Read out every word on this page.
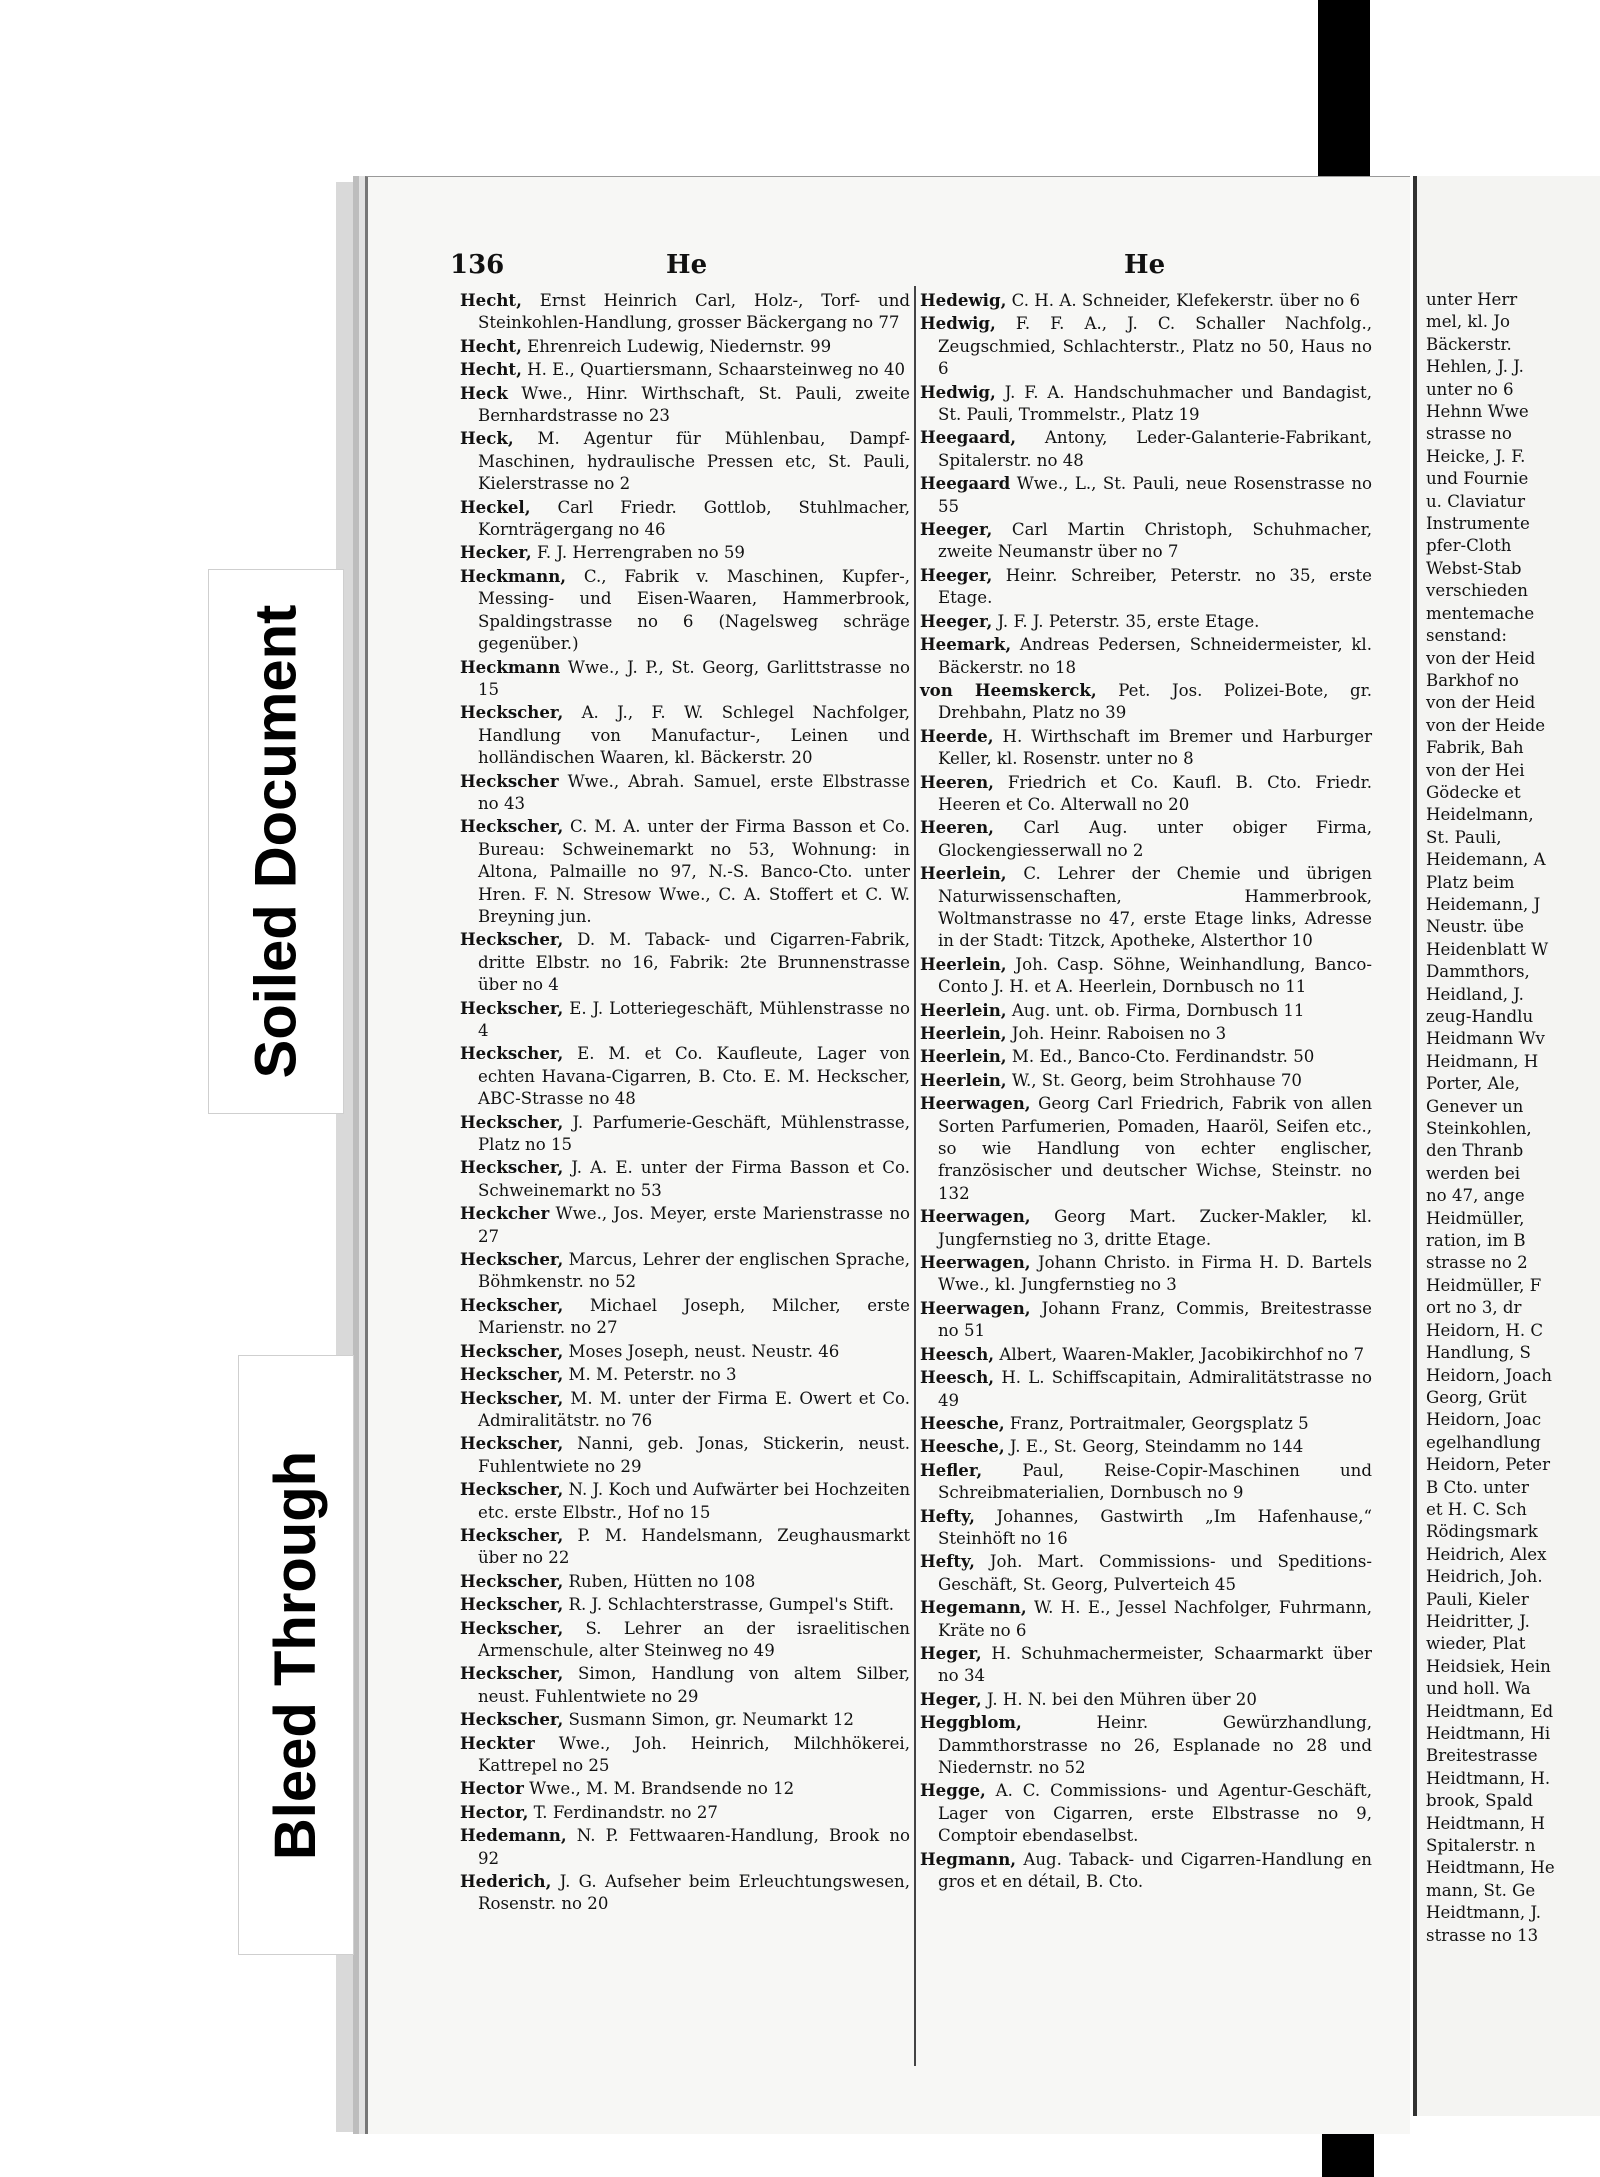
136	He	He
Hecht, Ernst Heinrich Carl, Holz-, Torf- und Steinkohlen-Handlung, grosser Bäckergang no 77
Hecht, Ehrenreich Ludewig, Niedernstr. 99
Hecht, H. E., Quartiersmann, Schaarsteinweg no 40
Heck Wwe., Hinr. Wirthschaft, St. Pauli, zweite Bernhardstrasse no 23
Heck, M. Agentur für Mühlenbau, Dampf-Maschinen, hydraulische Pressen etc, St. Pauli, Kielerstrasse no 2
Heckel, Carl Friedr. Gottlob, Stuhlmacher, Kornträgergang no 46
Hecker, F. J. Herrengraben no 59
Heckmann, C., Fabrik v. Maschinen, Kupfer-, Messing- und Eisen-Waaren, Hammerbrook, Spaldingstrasse no 6 (Nagelsweg schräge gegenüber.)
Heckmann Wwe., J. P., St. Georg, Garlittstrasse no 15
Heckscher, A. J., F. W. Schlegel Nachfolger, Handlung von Manufactur-, Leinen und holländischen Waaren, kl. Bäckerstr. 20
Heckscher Wwe., Abrah. Samuel, erste Elbstrasse no 43
Heckscher, C. M. A. unter der Firma Basson et Co. Bureau: Schweinemarkt no 53, Wohnung: in Altona, Palmaille no 97, N.-S. Banco-Cto. unter Hren. F. N. Stresow Wwe., C. A. Stoffert et C. W. Breyning jun.
Heckscher, D. M. Taback- und Cigarren-Fabrik, dritte Elbstr. no 16, Fabrik: 2te Brunnenstrasse über no 4
Heckscher, E. J. Lotteriegeschäft, Mühlenstrasse no 4
Heckscher, E. M. et Co. Kaufleute, Lager von echten Havana-Cigarren, B. Cto. E. M. Heckscher, ABC-Strasse no 48
Heckscher, J. Parfumerie-Geschäft, Mühlenstrasse, Platz no 15
Heckscher, J. A. E. unter der Firma Basson et Co. Schweinemarkt no 53
Heckcher Wwe., Jos. Meyer, erste Marienstrasse no 27
Heckscher, Marcus, Lehrer der englischen Sprache, Böhmkenstr. no 52
Heckscher, Michael Joseph, Milcher, erste Marienstr. no 27
Heckscher, Moses Joseph, neust. Neustr. 46
Heckscher, M. M. Peterstr. no 3
Heckscher, M. M. unter der Firma E. Owert et Co. Admiralitätstr. no 76
Heckscher, Nanni, geb. Jonas, Stickerin, neust. Fuhlentwiete no 29
Heckscher, N. J. Koch und Aufwärter bei Hochzeiten etc. erste Elbstr., Hof no 15
Heckscher, P. M. Handelsmann, Zeughausmarkt über no 22
Heckscher, Ruben, Hütten no 108
Heckscher, R. J. Schlachterstrasse, Gumpel's Stift.
Heckscher, S. Lehrer an der israelitischen Armenschule, alter Steinweg no 49
Heckscher, Simon, Handlung von altem Silber, neust. Fuhlentwiete no 29
Heckscher, Susmann Simon, gr. Neumarkt 12
Heckter Wwe., Joh. Heinrich, Milchhökerei, Kattrepel no 25
Hector Wwe., M. M. Brandsende no 12
Hector, T. Ferdinandstr. no 27
Hedemann, N. P. Fettwaaren-Handlung, Brook no 92
Hederich, J. G. Aufseher beim Erleuchtungswesen, Rosenstr. no 20
Hedewig, C. H. A. Schneider, Klefekerstr. über no 6
Hedwig, F. F. A., J. C. Schaller Nachfolg., Zeugschmied, Schlachterstr., Platz no 50, Haus no 6
Hedwig, J. F. A. Handschuhmacher und Bandagist, St. Pauli, Trommelstr., Platz 19
Heegaard, Antony, Leder-Galanterie-Fabrikant, Spitalerstr. no 48
Heegaard Wwe., L., St. Pauli, neue Rosenstrasse no 55
Heeger, Carl Martin Christoph, Schuhmacher, zweite Neumanstr über no 7
Heeger, Heinr. Schreiber, Peterstr. no 35, erste Etage.
Heeger, J. F. J. Peterstr. 35, erste Etage.
Heemark, Andreas Pedersen, Schneidermeister, kl. Bäckerstr. no 18
von Heemskerck, Pet. Jos. Polizei-Bote, gr. Drehbahn, Platz no 39
Heerde, H. Wirthschaft im Bremer und Harburger Keller, kl. Rosenstr. unter no 8
Heeren, Friedrich et Co. Kaufl. B. Cto. Friedr. Heeren et Co. Alterwall no 20
Heeren, Carl Aug. unter obiger Firma, Glockengiesserwall no 2
Heerlein, C. Lehrer der Chemie und übrigen Naturwissenschaften, Hammerbrook, Woltmanstrasse no 47, erste Etage links, Adresse in der Stadt: Titzck, Apotheke, Alsterthor 10
Heerlein, Joh. Casp. Söhne, Weinhandlung, Banco-Conto J. H. et A. Heerlein, Dornbusch no 11
Heerlein, Aug. unt. ob. Firma, Dornbusch 11
Heerlein, Joh. Heinr. Raboisen no 3
Heerlein, M. Ed., Banco-Cto. Ferdinandstr. 50
Heerlein, W., St. Georg, beim Strohhause 70
Heerwagen, Georg Carl Friedrich, Fabrik von allen Sorten Parfumerien, Pomaden, Haaröl, Seifen etc., so wie Handlung von echter englischer, französischer und deutscher Wichse, Steinstr. no 132
Heerwagen, Georg Mart. Zucker-Makler, kl. Jungfernstieg no 3, dritte Etage.
Heerwagen, Johann Christo. in Firma H. D. Bartels Wwe., kl. Jungfernstieg no 3
Heerwagen, Johann Franz, Commis, Breitestrasse no 51
Heesch, Albert, Waaren-Makler, Jacobikirchhof no 7
Heesch, H. L. Schiffscapitain, Admiralitätstrasse no 49
Heesche, Franz, Portraitmaler, Georgsplatz 5
Heesche, J. E., St. Georg, Steindamm no 144
Hefler, Paul, Reise-Copir-Maschinen und Schreibmaterialien, Dornbusch no 9
Hefty, Johannes, Gastwirth „Im Hafenhause,“ Steinhöft no 16
Hefty, Joh. Mart. Commissions- und Speditions-Geschäft, St. Georg, Pulverteich 45
Hegemann, W. H. E., Jessel Nachfolger, Fuhrmann, Kräte no 6
Heger, H. Schuhmachermeister, Schaarmarkt über no 34
Heger, J. H. N. bei den Mühren über 20
Heggblom,	Heinr. Gewürzhandlung, Dammthorstrasse no 26, Esplanade no 28 und Niedernstr. no 52
Hegge, A. C. Commissions- und Agentur-Geschäft, Lager von Cigarren, erste Elbstrasse no 9, Comptoir ebendaselbst.
Hegmann, Aug. Taback- und Cigarren-Handlung en gros et en détail, B. Cto.
unter Herr
mel, kl. Jo
Bäckerstr.
Hehlen, J. J.
unter no 6
Hehnn Wwe
strasse no
Heicke, J. F.
und Fournie
u. Claviatur
Instrumente
pfer-Cloth
Webst-Stab
verschieden
mentemache
senstand:
von der Heid
Barkhof no
von der Heid
von der Heide
Fabrik, Bah
von der Hei
Gödecke et
Heidelmann,
St. Pauli,
Heidemann, A
Platz beim
Heidemann, J
Neustr. übe
Heidenblatt W
Dammthors,
Heidland, J.
zeug-Handlu
Heidmann Wv
Heidmann, H
Porter, Ale,
Genever un
Steinkohlen,
den Thranb
werden bei
no 47, ange
Heidmüller,
ration, im B
strasse no 2
Heidmüller, F
ort no 3, dr
Heidorn, H. C
Handlung, S
Heidorn, Joach
Georg, Grüt
Heidorn, Joac
egelhandlung
Heidorn, Peter
B Cto. unter
et H. C. Sch
Rödingsmark
Heidrich, Alex
Heidrich, Joh.
Pauli, Kieler
Heidritter, J.
wieder, Plat
Heidsiek, Hein
und holl. Wa
Heidtmann, Ed
Heidtmann, Hi
Breitestrasse
Heidtmann, H.
brook, Spald
Heidtmann, H
Spitalerstr. n
Heidtmann, He
mann, St. Ge
Heidtmann, J.
strasse no 13
Soiled Document
Bleed Through
